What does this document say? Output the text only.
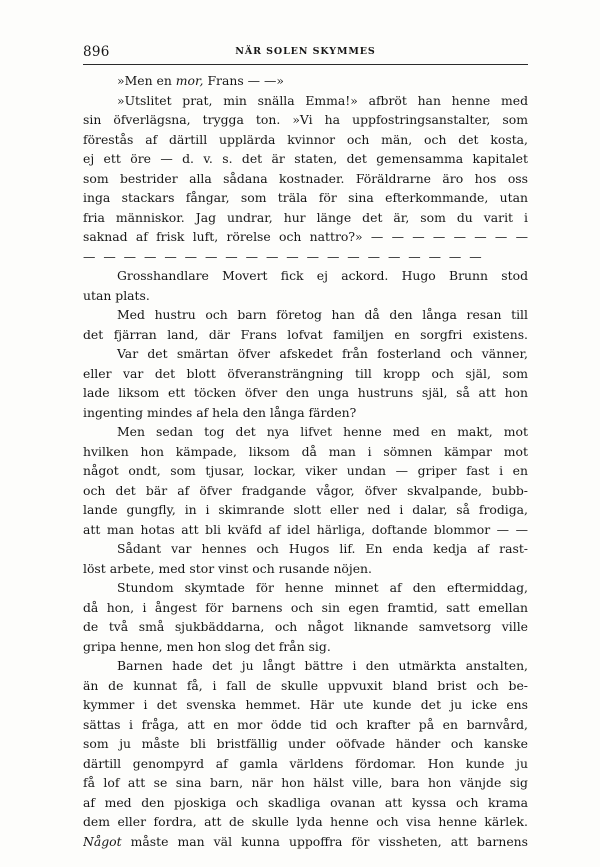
896	NÄR SOLEN SKYMMES
»Men en mor, Frans — —»
»Utslitet prat, min snälla Emma!» afbröt han henne med
sin öfverlägsna, trygga ton. »Vi ha uppfostringsanstalter, som
förestås af därtill upplärda kvinnor och män, och det kosta,
ej ett öre — d. v. s. det är staten, det gemensamma kapitalet
som bestrider alla sådana kostnader. Föräldrarne äro hos oss
inga stackars fångar, som träla för sina efterkommande, utan
fria människor. Jag undrar, hur länge det är, som du varit i
saknad af frisk luft, rörelse och nattro?» — — — — — — — —
— — — — — — — — — — — — — — — — — — — —
Grosshandlare Movert fick ej ackord. Hugo Brunn stod
utan plats.
Med hustru och barn företog han då den långa resan till
det fjärran land, där Frans lofvat familjen en sorgfri existens.
Var det smärtan öfver afskedet från fosterland och vänner,
eller var det blott öfveransträngning till kropp och själ, som
lade liksom ett töcken öfver den unga hustruns själ, så att hon
ingenting mindes af hela den långa färden?
Men sedan tog det nya lifvet henne med en makt, mot
hvilken hon kämpade, liksom då man i sömnen kämpar mot
något ondt, som tjusar, lockar, viker undan — griper fast i en
och det bär af öfver fradgande vågor, öfver skvalpande, bubb-
lande gungfly, in i skimrande slott eller ned i dalar, så frodiga,
att man hotas att bli kväfd af idel härliga, doftande blommor — —
Sådant var hennes och Hugos lif. En enda kedja af rast-
löst arbete, med stor vinst och rusande nöjen.
Stundom skymtade för henne minnet af den eftermiddag,
då hon, i ångest för barnens och sin egen framtid, satt emellan
de två små sjukbäddarna, och något liknande samvetsorg ville
gripa henne, men hon slog det från sig.
Barnen hade det ju långt bättre i den utmärkta anstalten,
än de kunnat få, i fall de skulle uppvuxit bland brist och be-
kymmer i det svenska hemmet. Här ute kunde det ju icke ens
sättas i fråga, att en mor ödde tid och krafter på en barnvård,
som ju måste bli bristfällig under oöfvade händer och kanske
därtill genompyrd af gamla världens fördomar. Hon kunde ju
få lof att se sina barn, när hon hälst ville, bara hon vänjde sig
af med den pjoskiga och skadliga ovanan att kyssa och krama
dem eller fordra, att de skulle lyda henne och visa henne kärlek.
Något måste man väl kunna uppoffra för vissheten, att barnens
